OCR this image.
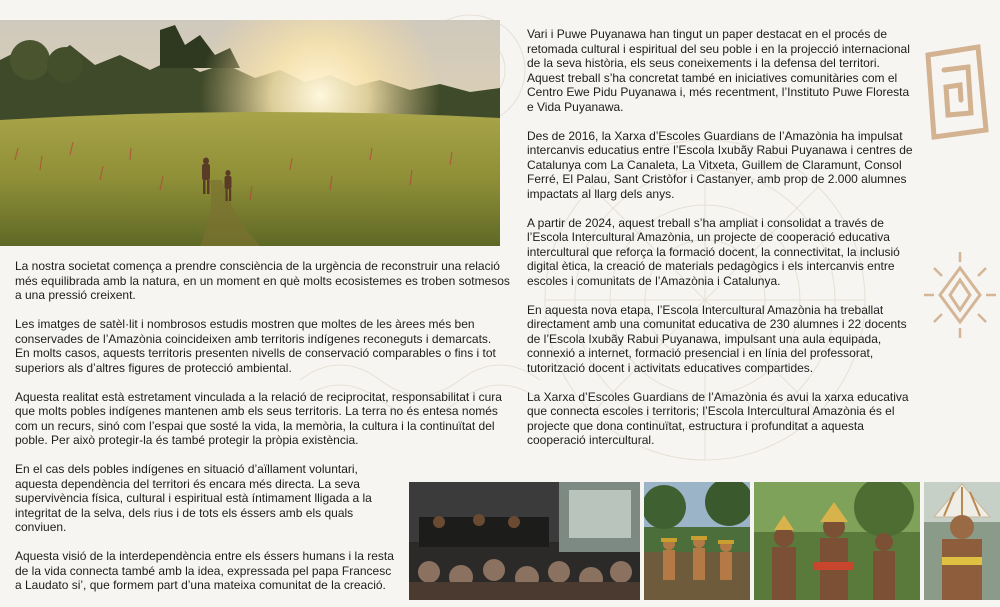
La nostra societat comença a prendre consciència de la urgència de reconstruir una relació més equilibrada amb la natura, en un moment en què molts ecosistemes es troben sotmesos a una pressió creixent.

Les imatges de satèl·lit i nombrosos estudis mostren que moltes de les àrees més ben conservades de l’Amazònia coincideixen amb territoris indígenes reconeguts i demarcats.

En molts casos, aquests territoris presenten nivells de conservació comparables o fins i tot superiors als d’altres figures de protecció ambiental.

Aquesta realitat està estretament vinculada a la relació de reciprocitat, responsabilitat i cura que molts pobles indígenes mantenen amb els seus territoris. La terra no és entesa només com un recurs, sinó com l’espai que sosté la vida, la memòria, la cultura i la continuïtat del poble. Per això protegir-la és també protegir la pròpia existència.

En el cas dels pobles indígenes en situació d’aïllament voluntari, aquesta dependència del territori és encara més directa. La seva supervivència física, cultural i espiritual està íntimament lligada a la integritat de la selva, dels rius i de tots els éssers amb els quals conviuen.

Aquesta visió de la interdependència entre els éssers humans i la resta de la vida connecta també amb la idea, expressada pel papa Francesc a Laudato si’, que formem part d’una mateixa comunitat de la creació.

Vari i Puwe Puyanawa han tingut un paper destacat en el procés de retomada cultural i espiritual del seu poble i en la projecció internacional de la seva història, els seus coneixements i la defensa del territori. Aquest treball s’ha concretat també en iniciatives comunitàries com el Centro Ewe Pidu Puyanawa i, més recentment, l’Instituto Puwe Floresta e Vida Puyanawa.

Des de 2016, la Xarxa d’Escoles Guardians de l’Amazònia ha impulsat intercanvis educatius entre l’Escola Ixubãy Rabui Puyanawa i centres de Catalunya com La Canaleta, La Vitxeta, Guillem de Claramunt, Consol Ferré, El Palau, Sant Cristòfor i Castanyer, amb prop de 2.000 alumnes impactats al llarg dels anys.

A partir de 2024, aquest treball s’ha ampliat i consolidat a través de l’Escola Intercultural Amazònia, un projecte de cooperació educativa intercultural que reforça la formació docent, la connectivitat, la inclusió digital ètica, la creació de materials pedagògics i els intercanvis entre escoles i comunitats de l’Amazònia i Catalunya.

En aquesta nova etapa, l’Escola Intercultural Amazònia ha treballat directament amb una comunitat educativa de 230 alumnes i 22 docents de l’Escola Ixubãy Rabui Puyanawa, impulsant una aula equipada, connexió a internet, formació presencial i en línia del professorat, tutorització docent i activitats educatives compartides.

La Xarxa d’Escoles Guardians de l’Amazònia és avui la xarxa educativa que connecta escoles i territoris; l’Escola Intercultural Amazònia és el projecte que dona continuïtat, estructura i profunditat a aquesta cooperació intercultural.
